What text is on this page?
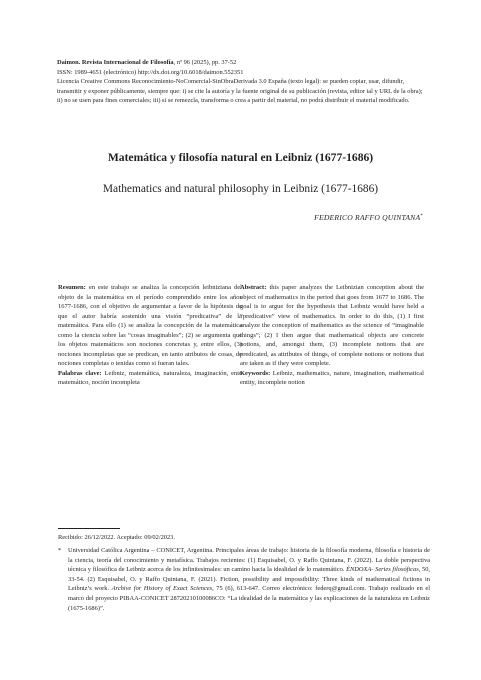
Daimon. Revista Internacional de Filosofía, nº 96 (2025), pp. 37-52

ISSN: 1989-4651 (electrónico) http://dx.doi.org/10.6018/daimon.552351

Licencia Creative Commons Reconocimiento-NoComercial-SinObraDerivada 3.0 España (texto legal): se pueden copiar, usar, difundir, transmitir y exponer públicamente, siempre que: i) se cite la autoría y la fuente original de su publicación (revista, editor ial y URL de la obra); ii) no se usen para fines comerciales; iii) si se remezcla, transforma o crea a partir del material, no podrá distribuir el material modificado.

Matemática y filosofía natural en Leibniz (1677-1686)
Mathematics and natural philosophy in Leibniz (1677-1686)
FEDERICO RAFFO QUINTANA*

Resumen: en este trabajo se analiza la concepción leibniziana del objeto de la matemática en el período comprendido entre los años 1677-1686, con el objetivo de argumentar a favor de la hipótesis de que el autor habría sostenido una visión “predicativa” de la matemática. Para ello (1) se analiza la concepción de la matemática como la ciencia sobre las “cosas imaginables”; (2) se argumenta que los objetos matemáticos son nociones concretas y, entre ellos, (3) nociones incompletas que se predican, en tanto atributos de cosas, de nociones completas o tenidas como si fueran tales.

Palabras clave: Leibniz, matemática, naturaleza, imaginación, ente matemático, noción incompleta

Abstract: this paper analyzes the Leibnizian conception about the object of mathematics in the period that goes from 1677 to 1686. The goal is to argue for the hypothesis that Leibniz would have held a “predicative” view of mathematics. In order to do this, (1) I first analyze the conception of mathematics as the science of “imaginable things”; (2) I then argue that mathematical objects are concrete notions, and, amongst them, (3) incomplete notions that are predicated, as attributes of things, of complete notions or notions that are taken as if they were complete.

Keywords: Leibniz, mathematics, nature, imagination, mathematical entity, incomplete notion

Recibido: 26/12/2022. Aceptado: 09/02/2023.
* Universidad Católica Argentina – CONICET, Argentina. Principales áreas de trabajo: historia de la filosofía moderna, filosofía e historia de la ciencia, teoría del conocimiento y metafísica. Trabajos recientes: (1) Esquisabel, O. y Raffo Quintana, F. (2022). La doble perspectiva técnica y filosófica de Leibniz acerca de los infinitesimales: un camino hacia la idealidad de lo matemático. ÉNDOXA- Series filosóficas, 50, 33-54. (2) Esquisabel, O. y Raffo Quintana, F. (2021). Fiction, possibility and impossibility: Three kinds of mathematical fictions in Leibniz’s work. Archive for History of Exact Sciences, 75 (6), 613-647. Correo electrónico: federq@gmail.com. Trabajo realizado en el marco del proyecto PIBAA-CONICET 28720210100086CO: “La idealidad de la matemática y las explicaciones de la naturaleza en Leibniz (1675-1686)”.
